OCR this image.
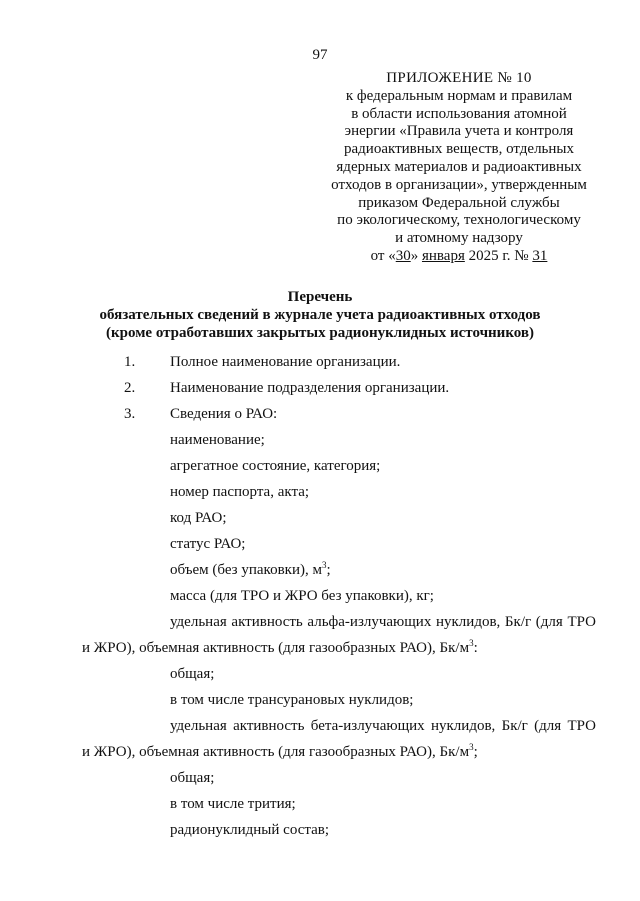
97
ПРИЛОЖЕНИЕ № 10
к федеральным нормам и правилам
в области использования атомной
энергии «Правила учета и контроля
радиоактивных веществ, отдельных
ядерных материалов и радиоактивных
отходов в организации», утвержденным
приказом Федеральной службы
по экологическому, технологическому
и атомному надзору
от «30» января 2025 г. № 31
Перечень
обязательных сведений в журнале учета радиоактивных отходов
(кроме отработавших закрытых радионуклидных источников)
1. Полное наименование организации.
2. Наименование подразделения организации.
3. Сведения о РАО:
наименование;
агрегатное состояние, категория;
номер паспорта, акта;
код РАО;
статус РАО;
объем (без упаковки), $м^3$;
масса (для ТРО и ЖРО без упаковки), кг;
удельная активность альфа-излучающих нуклидов, Бк/г (для ТРО
и ЖРО), объемная активность (для газообразных РАО), $Бк/м^3$:
общая;
в том числе трансурановых нуклидов;
удельная активность бета-излучающих нуклидов, Бк/г (для ТРО
и ЖРО), объемная активность (для газообразных РАО), $Бк/м^3$;
общая;
в том числе трития;
радионуклидный состав;
